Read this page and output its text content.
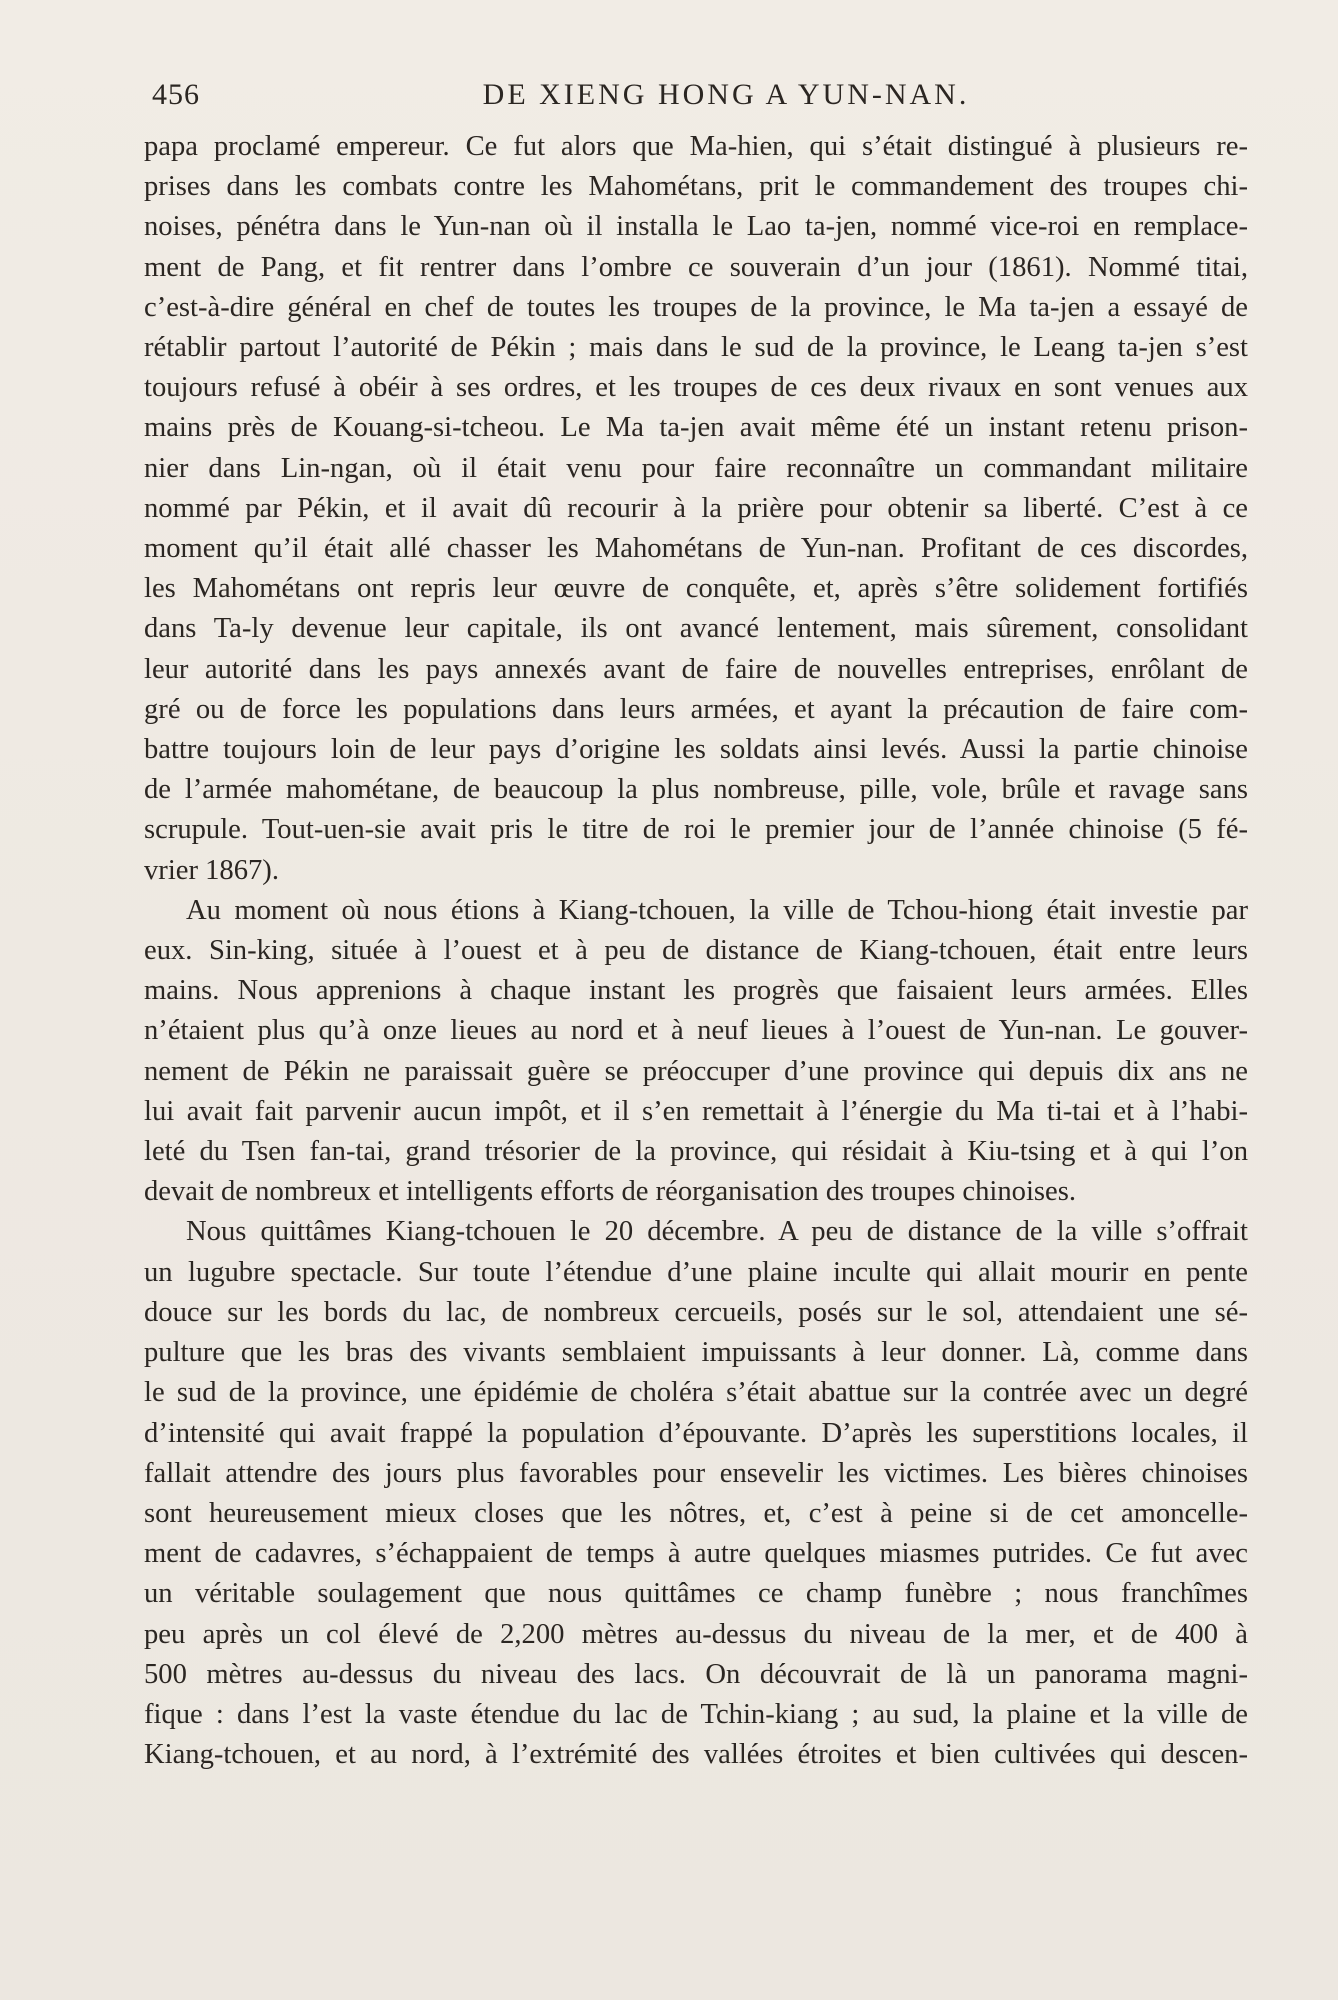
456	DE XIENG HONG A YUN-NAN.
papa proclamé empereur. Ce fut alors que Ma-hien, qui s’était distingué à plusieurs re-
prises dans les combats contre les Mahométans, prit le commandement des troupes chi-
noises, pénétra dans le Yun-nan où il installa le Lao ta-jen, nommé vice-roi en remplace-
ment de Pang, et fit rentrer dans l’ombre ce souverain d’un jour (1861). Nommé titai,
c’est-à-dire général en chef de toutes les troupes de la province, le Ma ta-jen a essayé de
rétablir partout l’autorité de Pékin ; mais dans le sud de la province, le Leang ta-jen s’est
toujours refusé à obéir à ses ordres, et les troupes de ces deux rivaux en sont venues aux
mains près de Kouang-si-tcheou. Le Ma ta-jen avait même été un instant retenu prison-
nier dans Lin-ngan, où il était venu pour faire reconnaître un commandant militaire
nommé par Pékin, et il avait dû recourir à la prière pour obtenir sa liberté. C’est à ce
moment qu’il était allé chasser les Mahométans de Yun-nan. Profitant de ces discordes,
les Mahométans ont repris leur œuvre de conquête, et, après s’être solidement fortifiés
dans Ta-ly devenue leur capitale, ils ont avancé lentement, mais sûrement, consolidant
leur autorité dans les pays annexés avant de faire de nouvelles entreprises, enrôlant de
gré ou de force les populations dans leurs armées, et ayant la précaution de faire com-
battre toujours loin de leur pays d’origine les soldats ainsi levés. Aussi la partie chinoise
de l’armée mahométane, de beaucoup la plus nombreuse, pille, vole, brûle et ravage sans
scrupule. Tout-uen-sie avait pris le titre de roi le premier jour de l’année chinoise (5 fé-
vrier 1867).
Au moment où nous étions à Kiang-tchouen, la ville de Tchou-hiong était investie par
eux. Sin-king, située à l’ouest et à peu de distance de Kiang-tchouen, était entre leurs
mains. Nous apprenions à chaque instant les progrès que faisaient leurs armées. Elles
n’étaient plus qu’à onze lieues au nord et à neuf lieues à l’ouest de Yun-nan. Le gouver-
nement de Pékin ne paraissait guère se préoccuper d’une province qui depuis dix ans ne
lui avait fait parvenir aucun impôt, et il s’en remettait à l’énergie du Ma ti-tai et à l’habi-
leté du Tsen fan-tai, grand trésorier de la province, qui résidait à Kiu-tsing et à qui l’on
devait de nombreux et intelligents efforts de réorganisation des troupes chinoises.
Nous quittâmes Kiang-tchouen le 20 décembre. A peu de distance de la ville s’offrait
un lugubre spectacle. Sur toute l’étendue d’une plaine inculte qui allait mourir en pente
douce sur les bords du lac, de nombreux cercueils, posés sur le sol, attendaient une sé-
pulture que les bras des vivants semblaient impuissants à leur donner. Là, comme dans
le sud de la province, une épidémie de choléra s’était abattue sur la contrée avec un degré
d’intensité qui avait frappé la population d’épouvante. D’après les superstitions locales, il
fallait attendre des jours plus favorables pour ensevelir les victimes. Les bières chinoises
sont heureusement mieux closes que les nôtres, et, c’est à peine si de cet amoncelle-
ment de cadavres, s’échappaient de temps à autre quelques miasmes putrides. Ce fut avec
un véritable soulagement que nous quittâmes ce champ funèbre ; nous franchîmes
peu après un col élevé de 2,200 mètres au-dessus du niveau de la mer, et de 400 à
500 mètres au-dessus du niveau des lacs. On découvrait de là un panorama magni-
fique : dans l’est la vaste étendue du lac de Tchin-kiang ; au sud, la plaine et la ville de
Kiang-tchouen, et au nord, à l’extrémité des vallées étroites et bien cultivées qui descen-
